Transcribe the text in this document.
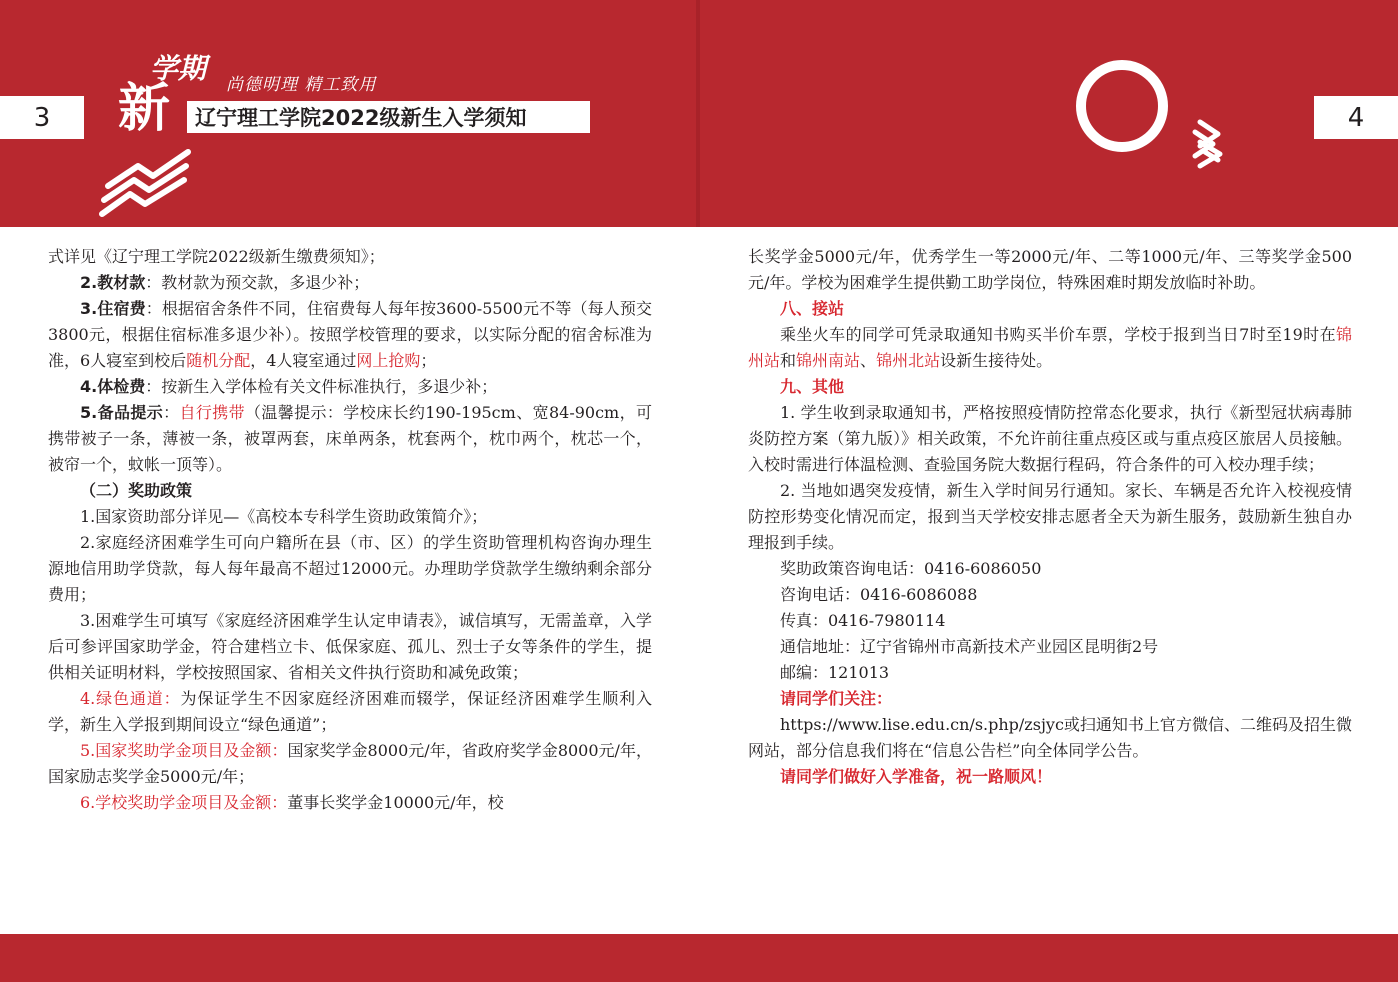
3	4
学期
新	尚德明理 精工致用
辽宁理工学院2022级新生入学须知

式详见《辽宁理工学院2022级新生缴费须知》；

2.教材款：教材款为预交款，多退少补；

3.住宿费：根据宿舍条件不同，住宿费每人每年按3600-5500元不等（每人预交3800元，根据住宿标准多退少补）。按照学校管理的要求，以实际分配的宿舍标准为准，6人寝室到校后随机分配，4人寝室通过网上抢购；

4.体检费：按新生入学体检有关文件标准执行，多退少补；

5.备品提示：自行携带（温馨提示：学校床长约190-195cm、宽84-90cm，可携带被子一条，薄被一条，被罩两套，床单两条，枕套两个，枕巾两个，枕芯一个，被帘一个，蚊帐一顶等）。

（二）奖助政策

1.国家资助部分详见—《高校本专科学生资助政策简介》；

2.家庭经济困难学生可向户籍所在县（市、区）的学生资助管理机构咨询办理生源地信用助学贷款，每人每年最高不超过12000元。办理助学贷款学生缴纳剩余部分费用；

3.困难学生可填写《家庭经济困难学生认定申请表》，诚信填写，无需盖章，入学后可参评国家助学金，符合建档立卡、低保家庭、孤儿、烈士子女等条件的学生，提供相关证明材料，学校按照国家、省相关文件执行资助和减免政策；

4.绿色通道：为保证学生不因家庭经济困难而辍学，保证经济困难学生顺利入学，新生入学报到期间设立“绿色通道”；

5.国家奖助学金项目及金额：国家奖学金8000元/年，省政府奖学金8000元/年，国家励志奖学金5000元/年；

6.学校奖助学金项目及金额：董事长奖学金10000元/年，校

长奖学金5000元/年，优秀学生一等2000元/年、二等1000元/年、三等奖学金500元/年。学校为困难学生提供勤工助学岗位，特殊困难时期发放临时补助。

八、接站

乘坐火车的同学可凭录取通知书购买半价车票，学校于报到当日7时至19时在锦州站和锦州南站、锦州北站设新生接待处。

九、其他

1. 学生收到录取通知书，严格按照疫情防控常态化要求，执行《新型冠状病毒肺炎防控方案（第九版）》相关政策，不允许前往重点疫区或与重点疫区旅居人员接触。入校时需进行体温检测、查验国务院大数据行程码，符合条件的可入校办理手续；

2. 当地如遇突发疫情，新生入学时间另行通知。家长、车辆是否允许入校视疫情防控形势变化情况而定，报到当天学校安排志愿者全天为新生服务，鼓励新生独自办理报到手续。

奖助政策咨询电话：0416-6086050

咨询电话：0416-6086088

传真：0416-7980114

通信地址：辽宁省锦州市高新技术产业园区昆明街2号

邮编：121013

请同学们关注：

https://www.lise.edu.cn/s.php/zsjyc或扫通知书上官方微信、二维码及招生微网站，部分信息我们将在“信息公告栏”向全体同学公告。

请同学们做好入学准备，祝一路顺风！
